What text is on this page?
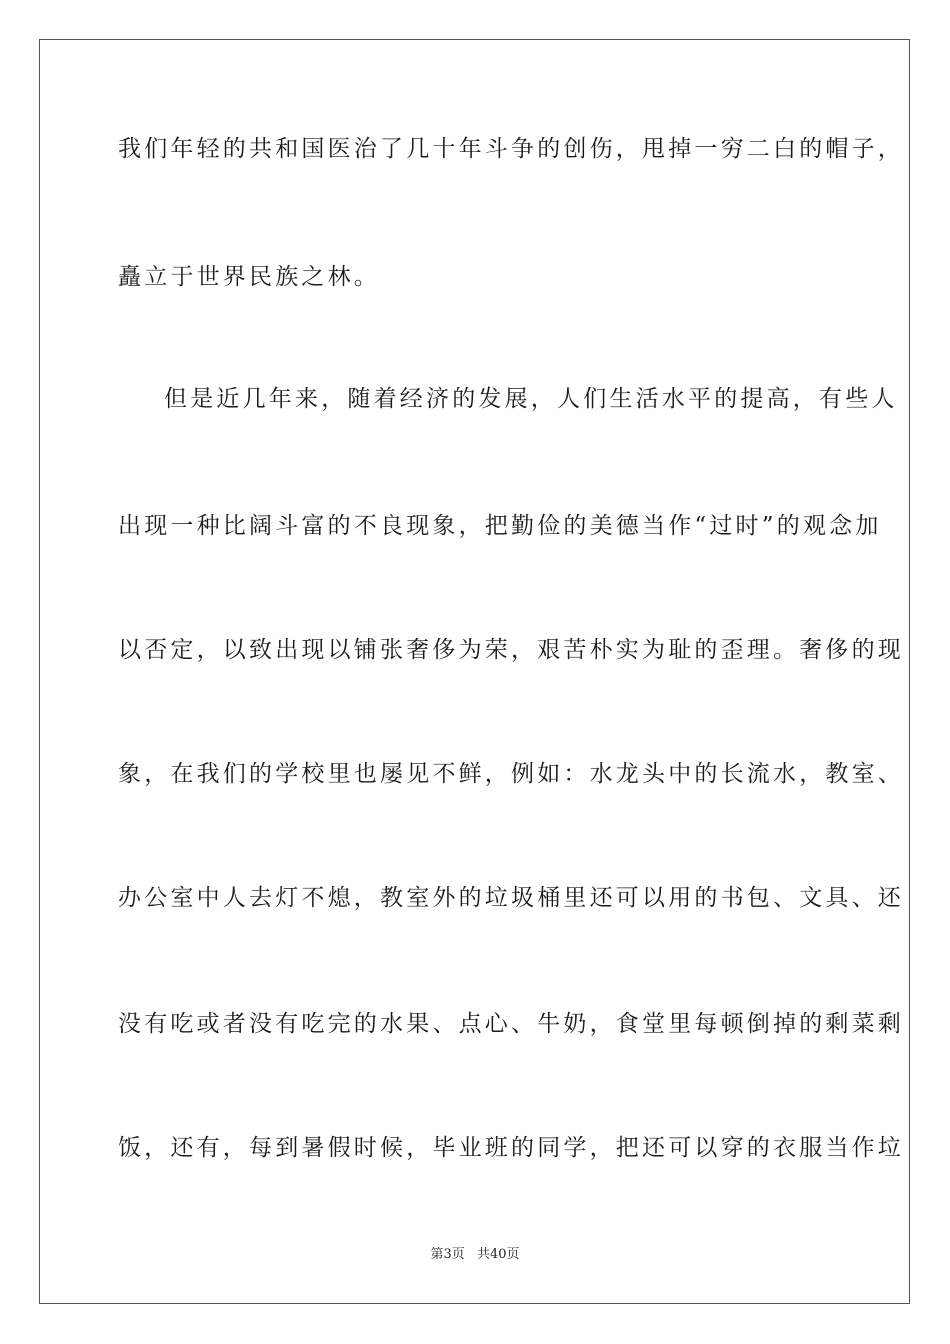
我们年轻的共和国医治了几十年斗争的创伤，甩掉一穷二白的帽子，
矗立于世界民族之林。
但是近几年来，随着经济的发展，人们生活水平的提高，有些人
出现一种比阔斗富的不良现象，把勤俭的美德当作“过时”的观念加
以否定，以致出现以铺张奢侈为荣，艰苦朴实为耻的歪理。奢侈的现
象，在我们的学校里也屡见不鲜，例如：水龙头中的长流水，教室、
办公室中人去灯不熄，教室外的垃圾桶里还可以用的书包、文具、还
没有吃或者没有吃完的水果、点心、牛奶，食堂里每顿倒掉的剩菜剩
饭，还有，每到暑假时候，毕业班的同学，把还可以穿的衣服当作垃
第3页 共40页
